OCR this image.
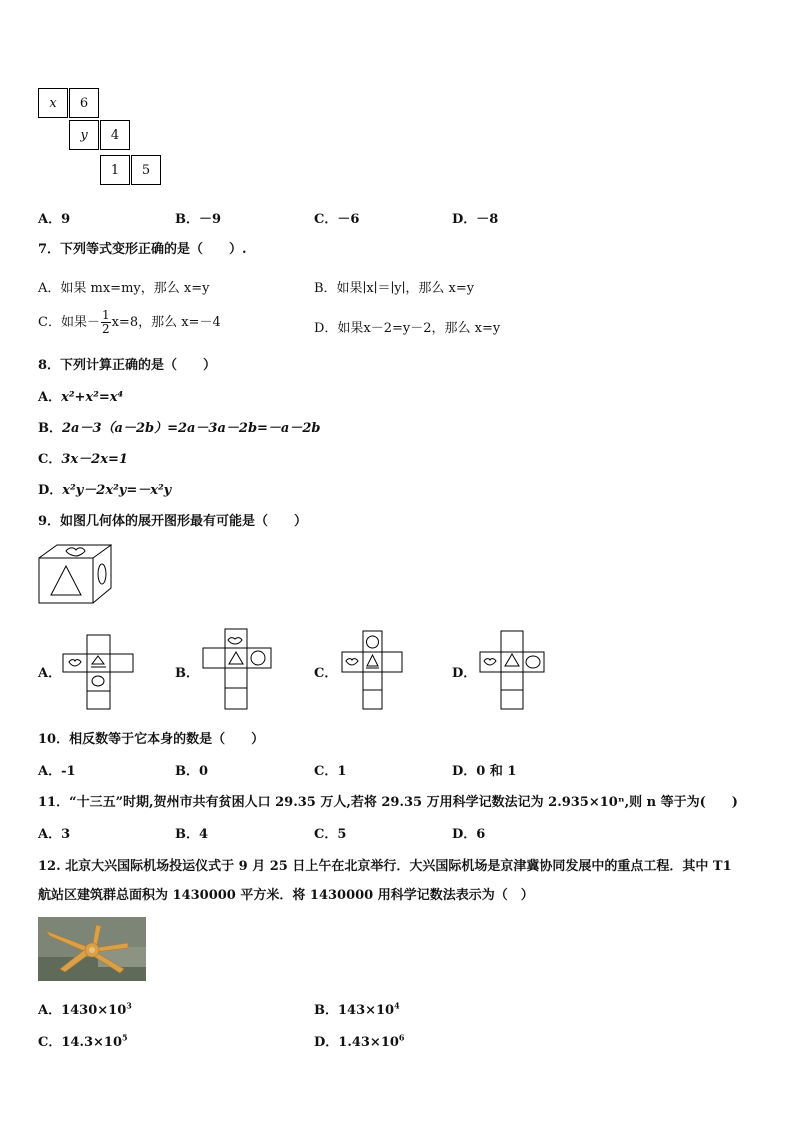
x	6
y	4
1	5
A．9	B．－9	C．－6	D．－8
7．下列等式变形正确的是（　　）.
A．如果 mx=my，那么 x=y	B．如果∣x∣＝∣y∣，那么 x=y
C．如果－ $\frac{1}{2} x=8$，那么 x=－4	D．如果x－2=y－2，那么 x=y
8．下列计算正确的是（　　）
A．x²+x²=x⁴
B．2a－3（a－2b）=2a－3a－2b=－a－2b
C．3x－2x=1
D．x²y－2x²y=－x²y
9．如图几何体的展开图形最有可能是（　　）
A．	B．	C．	D．
10．相反数等于它本身的数是（　　）
A．-1	B．0	C．1	D．0 和 1
11．“十三五”时期,贺州市共有贫困人口 29.35 万人,若将 29.35 万用科学记数法记为 2.935×10ⁿ,则 n 等于为(　　)
A．3	B．4	C．5	D．6
12. 北京大兴国际机场投运仪式于 9 月 25 日上午在北京举行．大兴国际机场是京津冀协同发展中的重点工程．其中 T1
航站区建筑群总面积为 1430000 平方米．将 1430000 用科学记数法表示为（　）
A．$1430\times 10^3$	B．$143\times 10^4$
C．$14.3\times 10^5$	D．$1.43\times 10^6$
